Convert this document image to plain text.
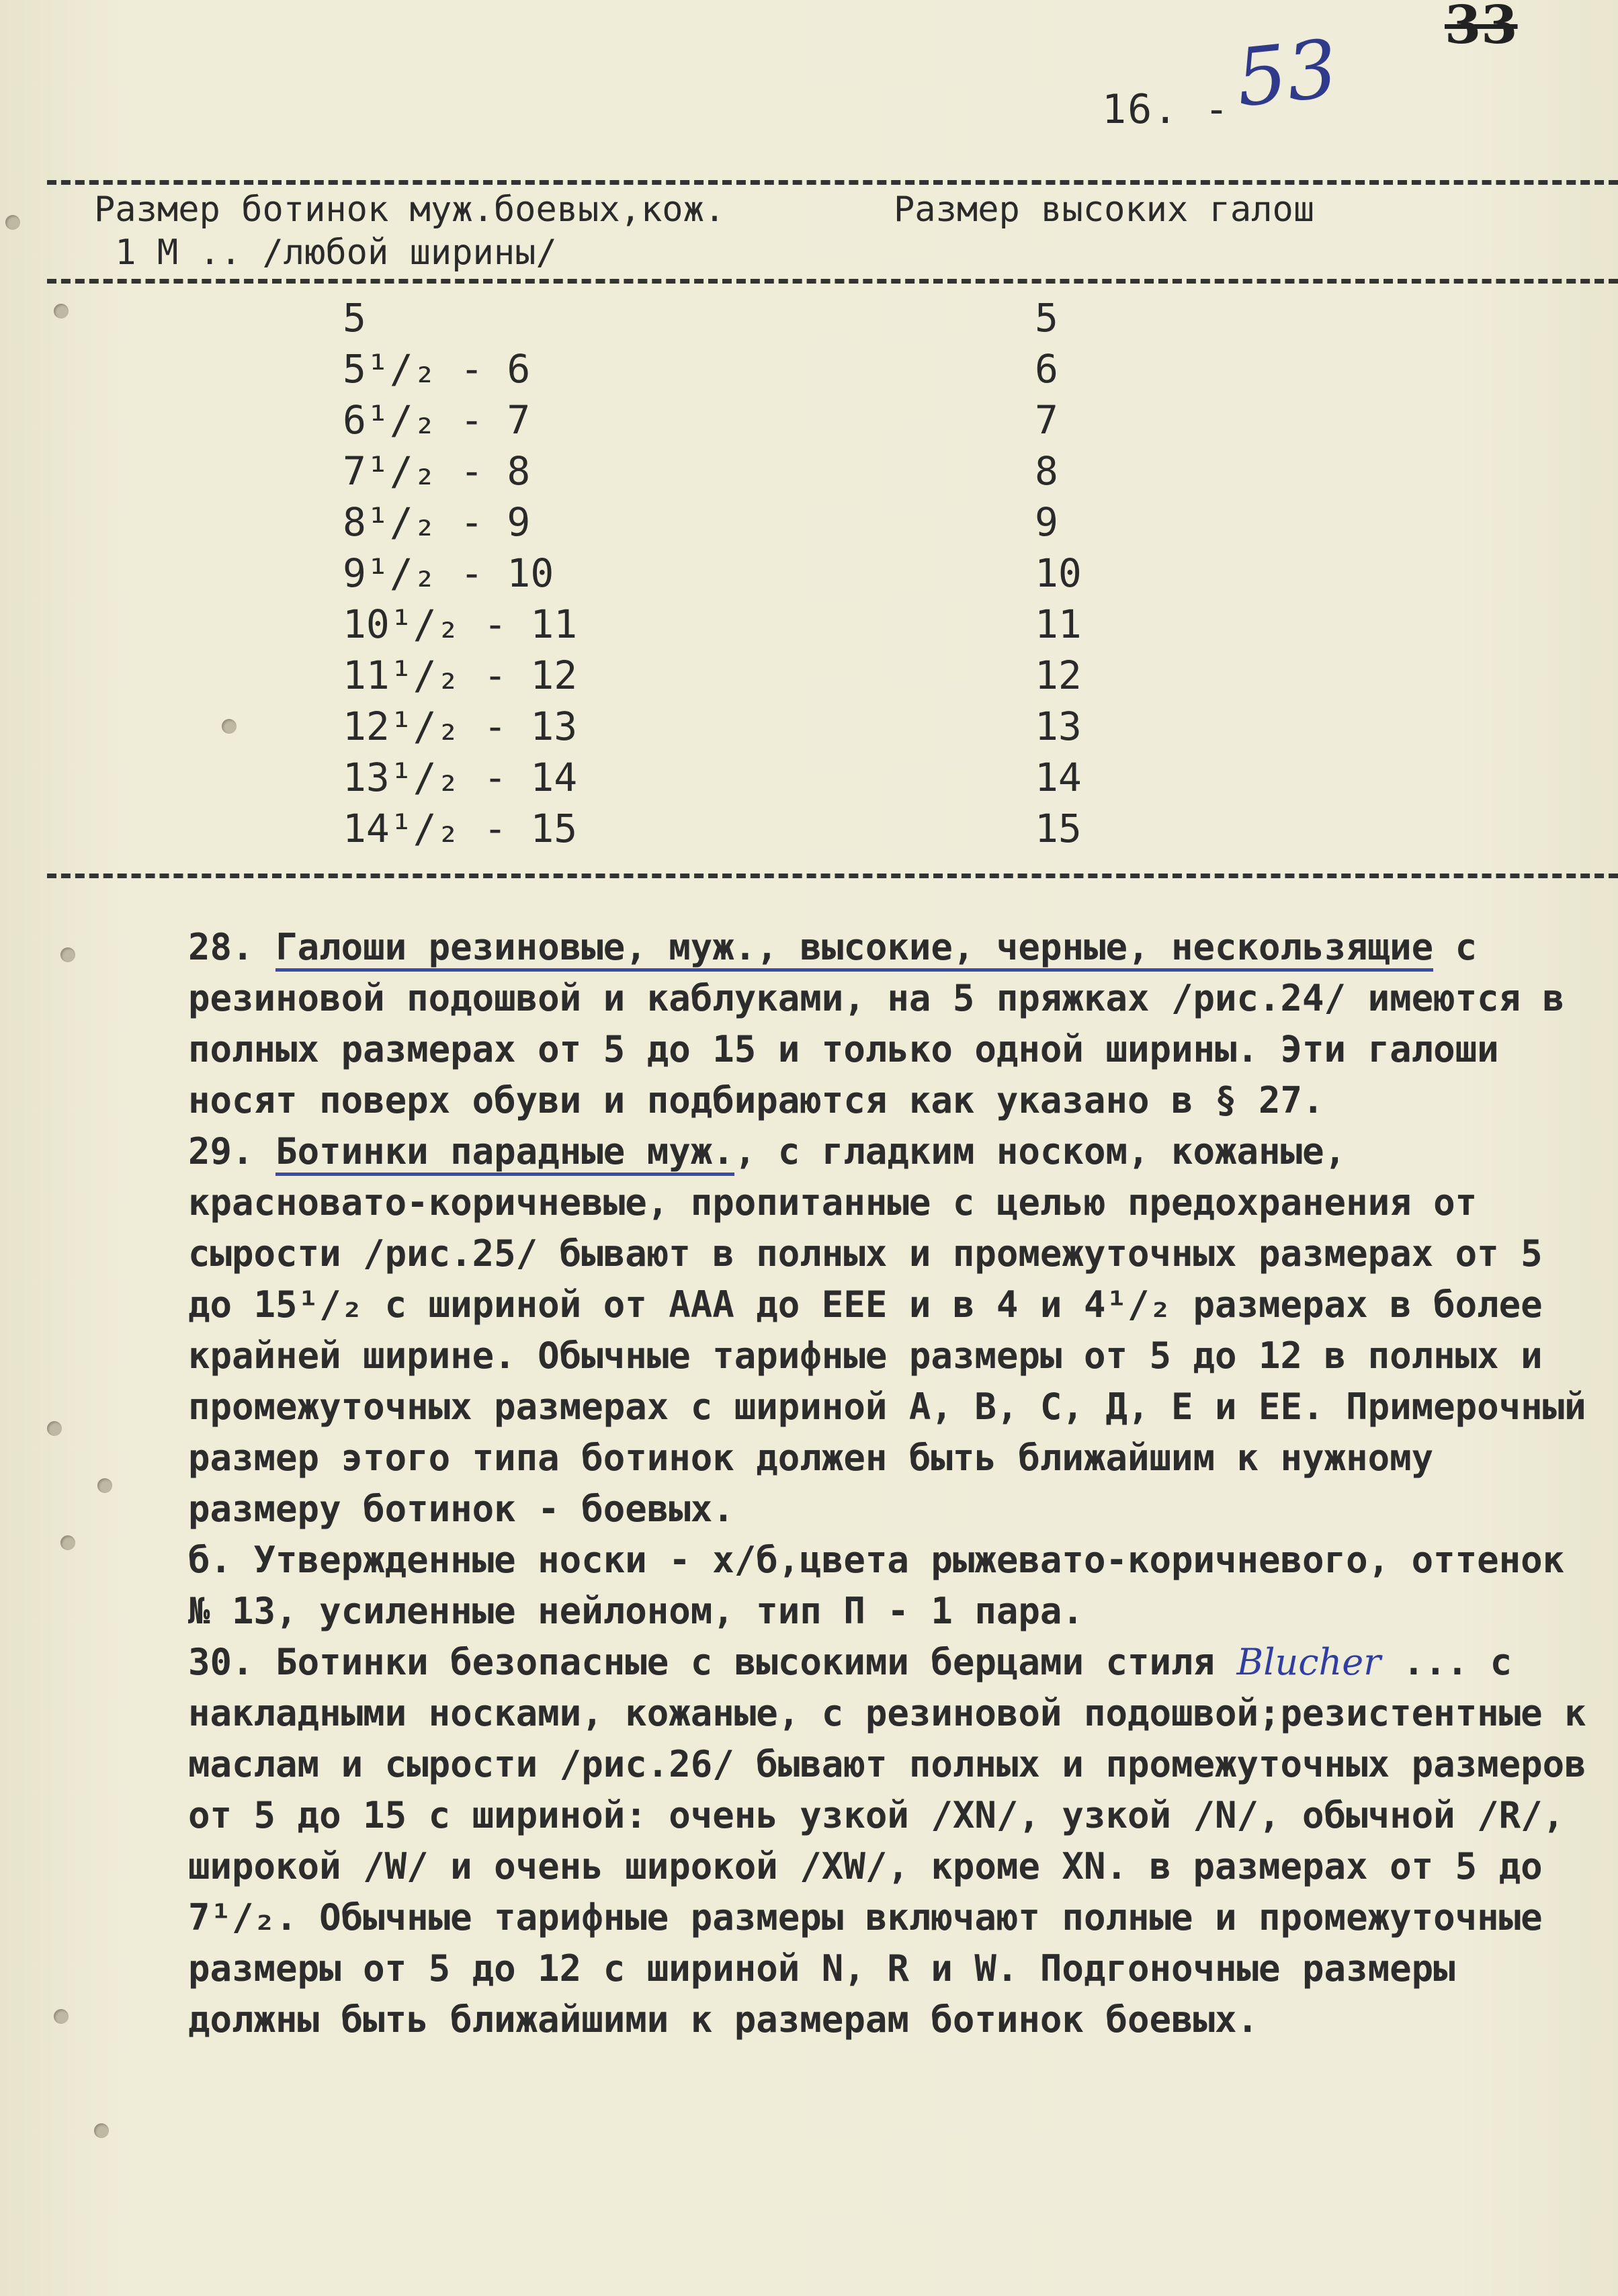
53 33
16. -
Размер ботинок муж.боевых,кож.
1 М .. /любой ширины/
Размер высоких галош
5	5
5¹/₂ - 6	6
6¹/₂ - 7	7
7¹/₂ - 8	8
8¹/₂ - 9	9
9¹/₂ - 10	10
10¹/₂ - 11	11
11¹/₂ - 12	12
12¹/₂ - 13	13
13¹/₂ - 14	14
14¹/₂ - 15	15

28. Галоши резиновые, муж., высокие, черные, нескользящие с резиновой подошвой и каблуками, на 5 пряжках /рис.24/ имеются в полных размерах от 5 до 15 и только одной ширины. Эти галоши носят поверх обуви и подбираются как указано в § 27.

29. Ботинки парадные муж., с гладким носком, кожаные, красновато-коричневые, пропитанные с целью предохранения от сырости /рис.25/ бывают в полных и промежуточных размерах от 5 до 15¹/₂ с шириной от ААА до ЕЕЕ и в 4 и 4¹/₂ размерах в более крайней ширине. Обычные тарифные размеры от 5 до 12 в полных и промежуточных размерах с шириной А, В, С, Д, Е и ЕЕ. Примерочный размер этого типа ботинок должен быть ближайшим к нужному размеру ботинок - боевых.

б. Утвержденные носки - х/б,цвета рыжевато-коричневого, оттенок № 13, усиленные нейлоном, тип П - 1 пара.

30. Ботинки безопасные с высокими берцами стиля Blucher ... с накладными носками, кожаные, с резиновой подошвой;резистентные к маслам и сырости /рис.26/ бывают полных и промежуточных размеров от 5 до 15 с шириной: очень узкой /XN/, узкой /N/, обычной /R/, широкой /W/ и очень широкой /XW/, кроме XN. в размерах от 5 до 7¹/₂. Обычные тарифные размеры включают полные и промежуточные размеры от 5 до 12 с шириной N, R и W. Подгоночные размеры должны быть ближайшими к размерам ботинок боевых.
